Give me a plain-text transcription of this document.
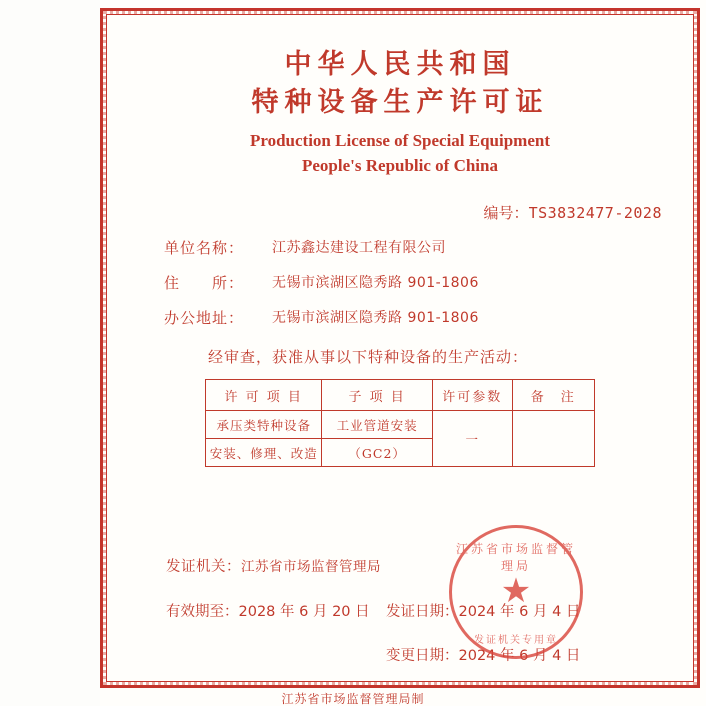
中华人民共和国
特种设备生产许可证
Production License of Special Equipment
People's Republic of China
编号：TS3832477-2028
单位名称：	江苏鑫达建设工程有限公司
住　　所：	无锡市滨湖区隐秀路 901-1806
办公地址：	无锡市滨湖区隐秀路 901-1806
经审查，获准从事以下特种设备的生产活动：
许 可 项 目	子 项 目	许可参数	备　注
承压类特种设备	工业管道安装	一	
安装、修理、改造	（GC2）		
发证机关：江苏省市场监督管理局
有效期至：2028 年 6 月 20 日 发证日期：2024 年 6 月 4 日
变更日期：2024 年 6 月 4 日
江苏省市场监督管理局
★
发证机关专用章
江苏省市场监督管理局制
